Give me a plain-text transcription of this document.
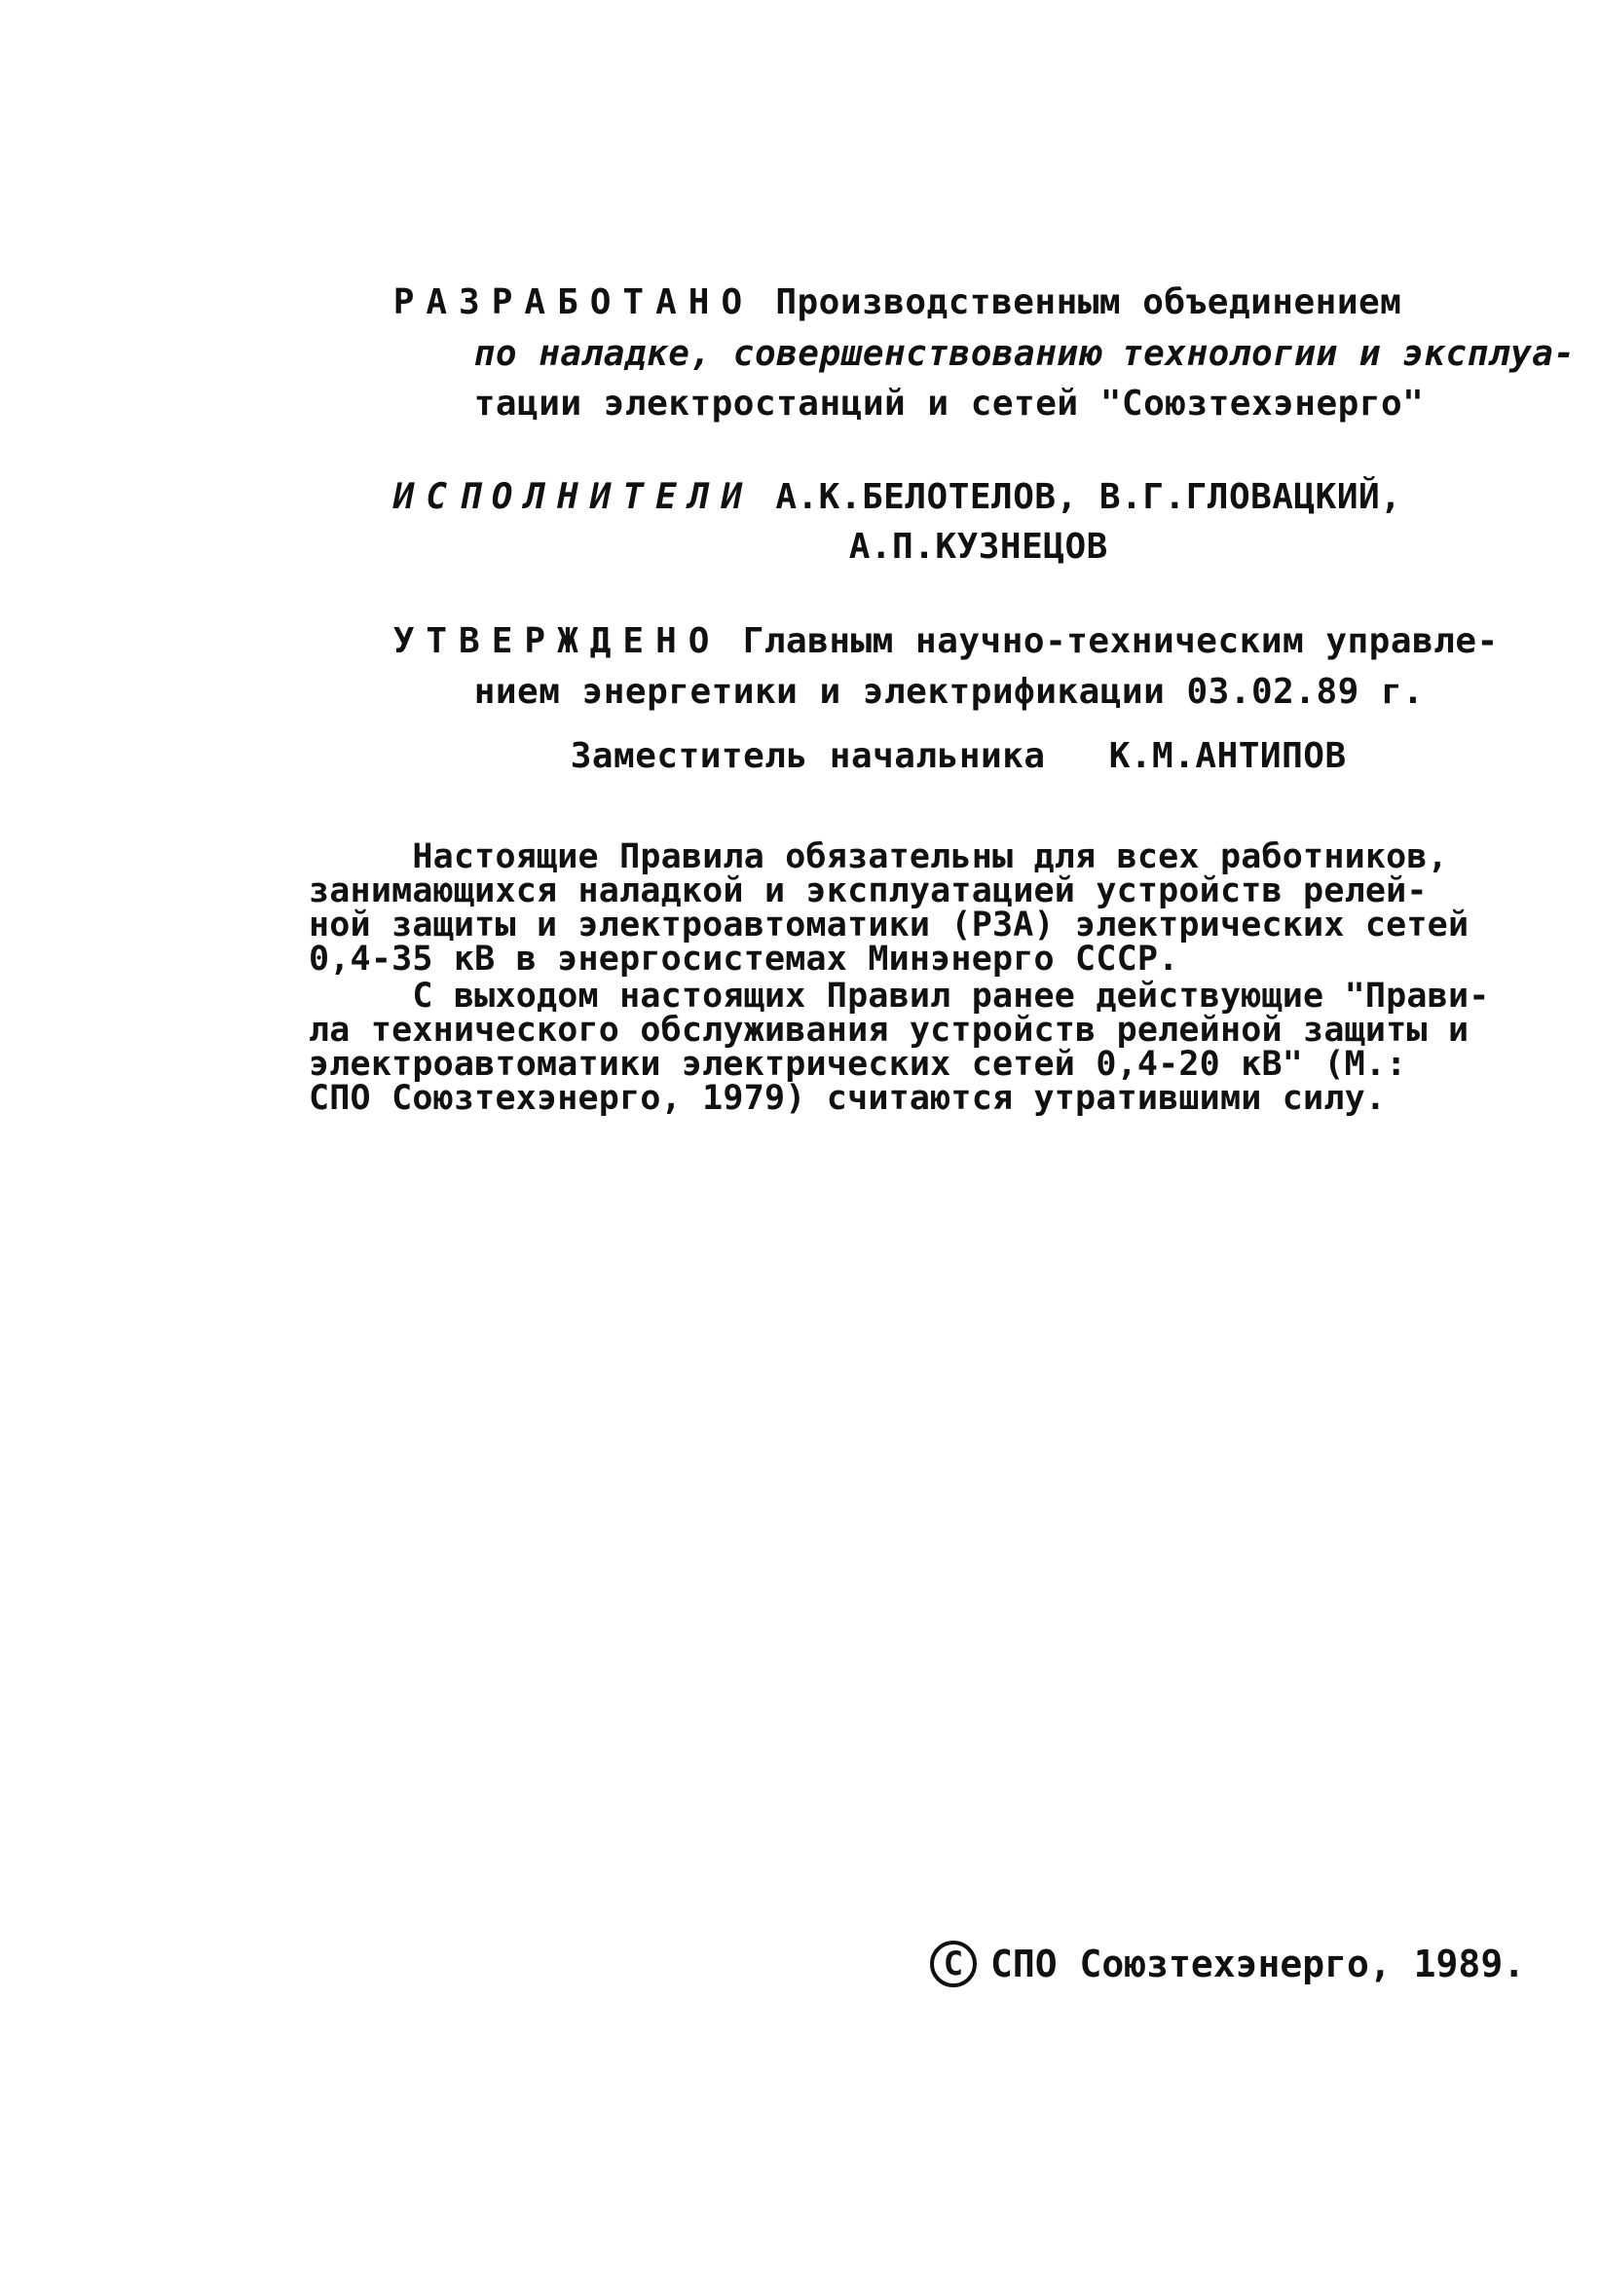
РАЗРАБОТАНО Производственным объединением

по наладке, совершенствованию технологии и эксплуа-

тации электростанций и сетей "Союзтехэнерго"

ИСПОЛНИТЕЛИ А.К.БЕЛОТЕЛОВ, В.Г.ГЛОВАЦКИЙ,

А.П.КУЗНЕЦОВ

УТВЕРЖДЕНО Главным научно-техническим управле-

нием энергетики и электрификации 03.02.89 г.

Заместитель начальника
	К.М.АНТИПОВ

Настоящие Правила обязательны для всех работников,
занимающихся наладкой и эксплуатацией устройств релей-
ной защиты и электроавтоматики (РЗА) электрических сетей
0,4-35 кВ в энергосистемах Минэнерго СССР.
С выходом настоящих Правил ранее действующие "Прави-
ла технического обслуживания устройств релейной защиты и
электроавтоматики электрических сетей 0,4-20 кВ" (М.:
СПО Союзтехэнерго, 1979) считаются утратившими силу.
С СПО Союзтехэнерго, 1989.
